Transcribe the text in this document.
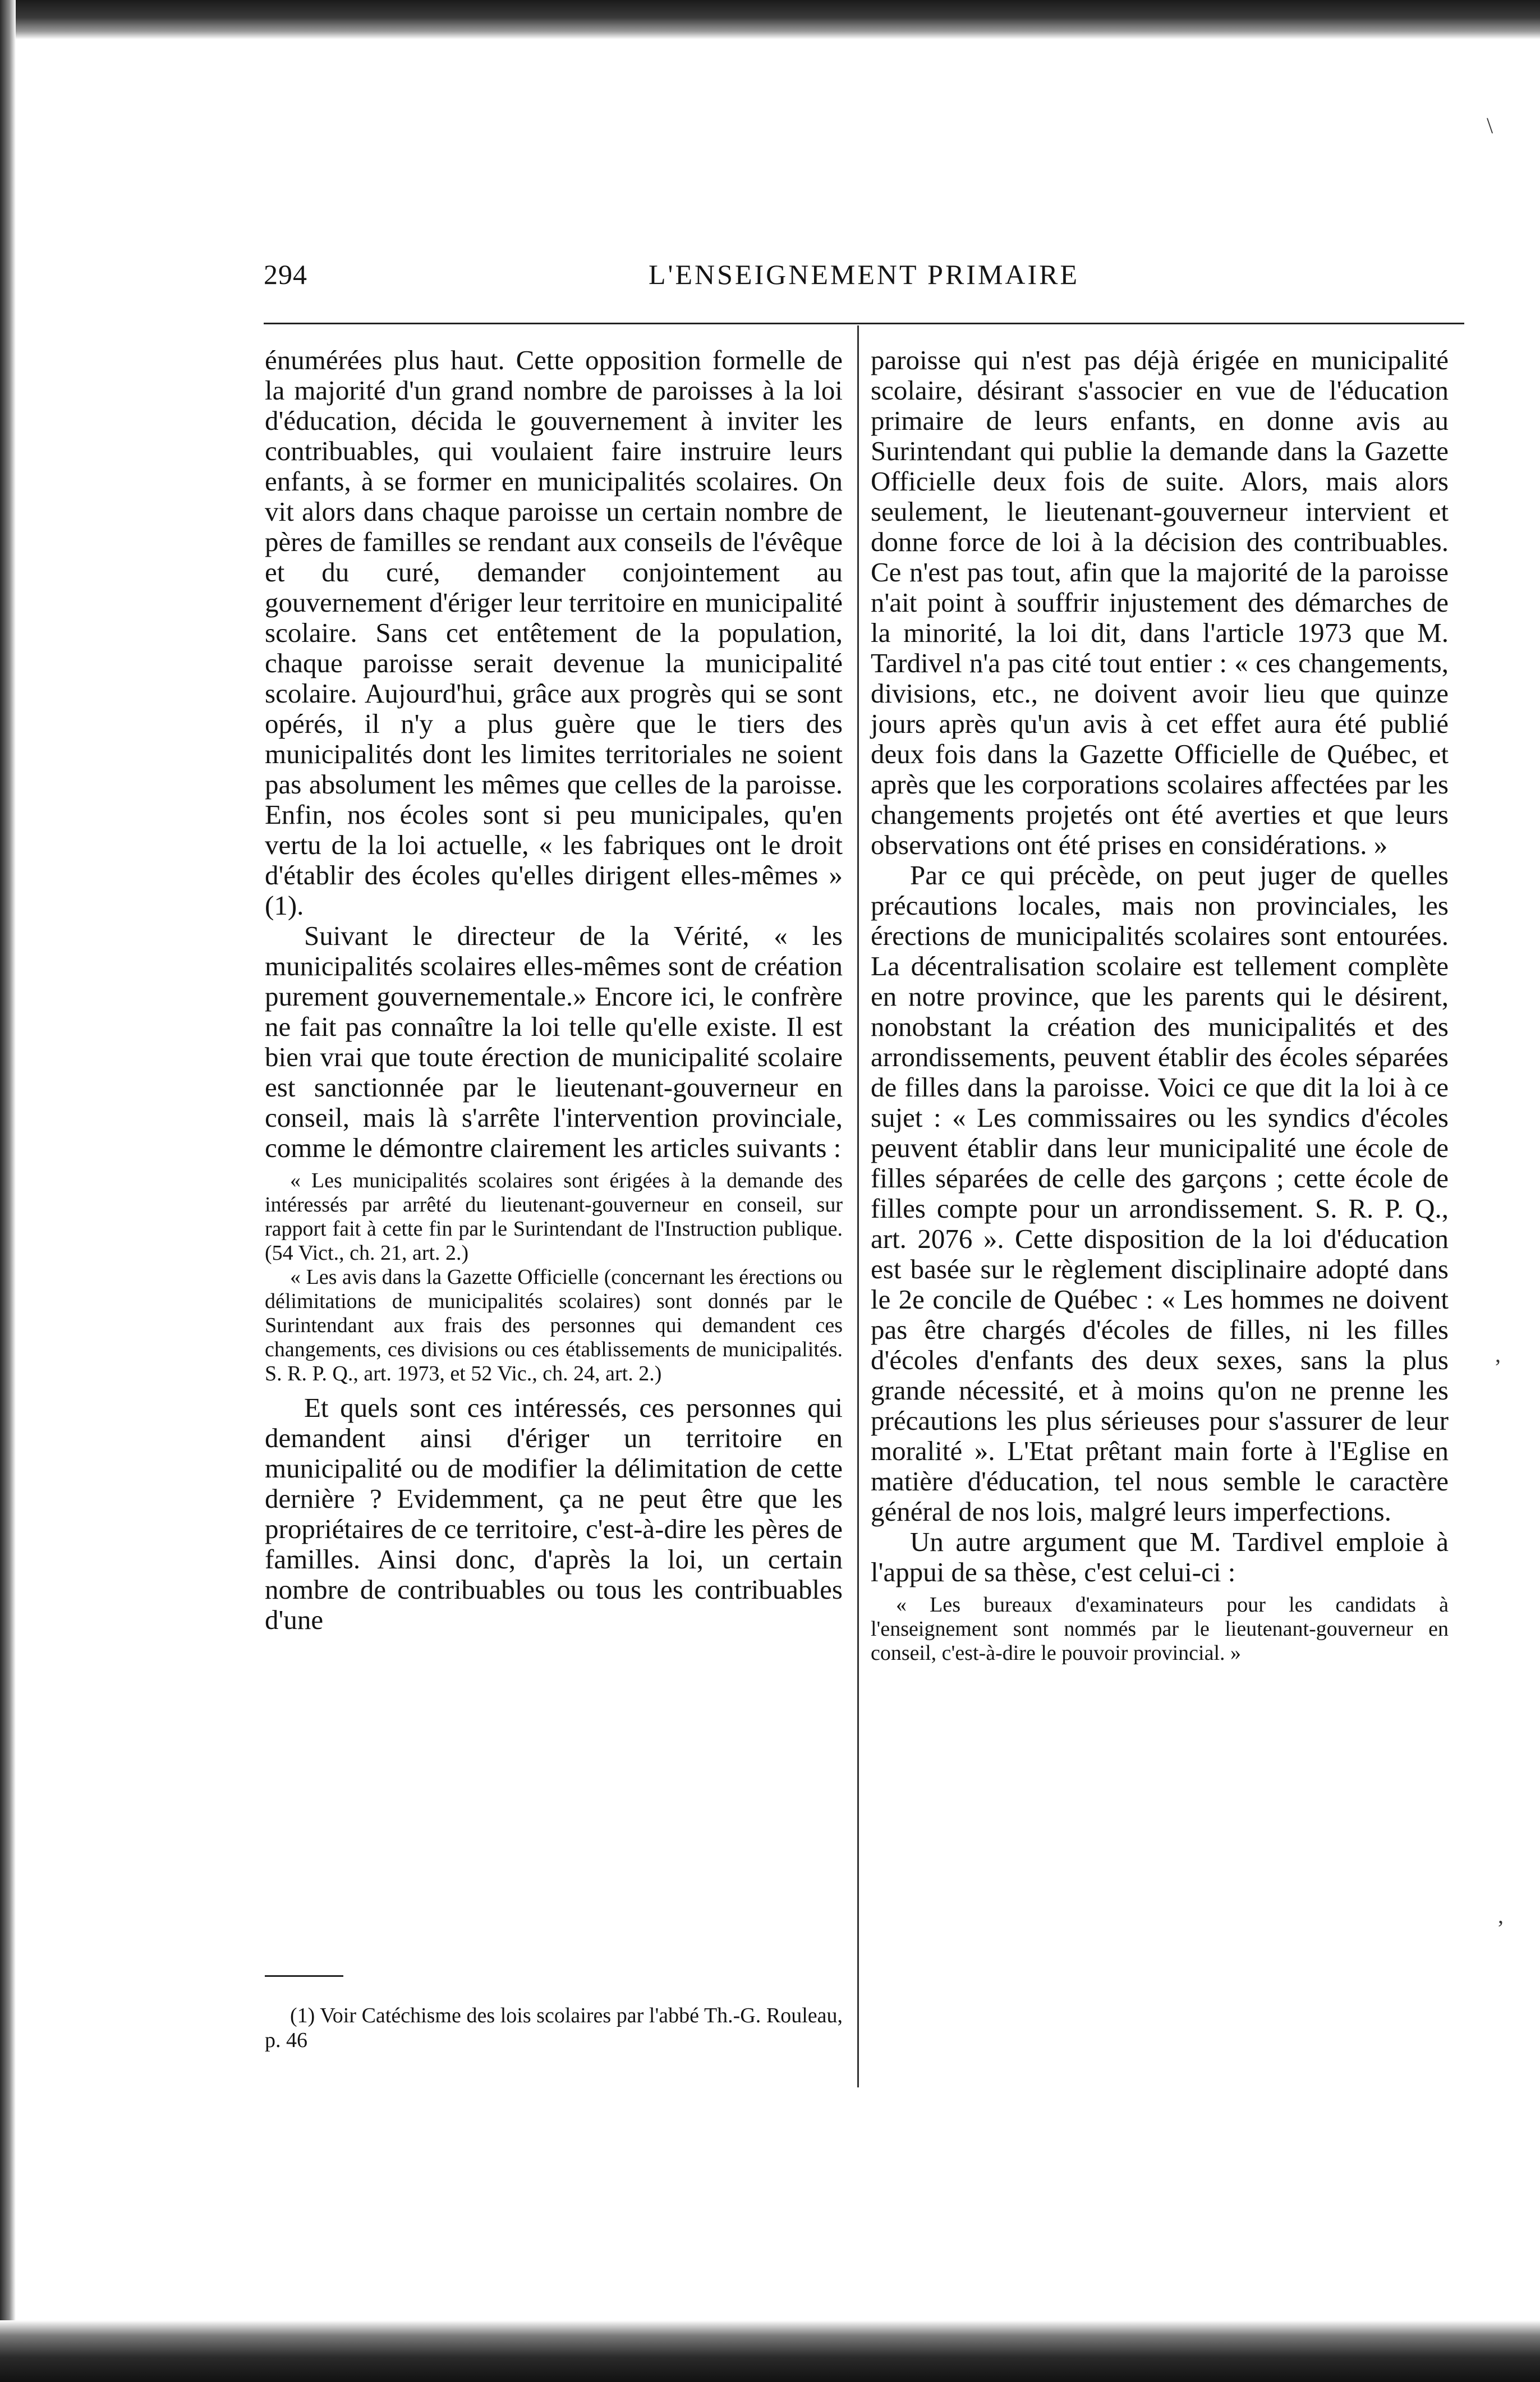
294	L'ENSEIGNEMENT PRIMAIRE

énumérées plus haut. Cette opposition formelle de la majorité d'un grand nombre de paroisses à la loi d'éducation, décida le gouvernement à inviter les contribuables, qui voulaient faire instruire leurs enfants, à se former en municipalités scolaires. On vit alors dans chaque paroisse un certain nombre de pères de familles se rendant aux conseils de l'évêque et du curé, demander conjointement au gouvernement d'ériger leur territoire en municipalité scolaire. Sans cet entêtement de la population, chaque paroisse serait devenue la municipalité scolaire. Aujourd'hui, grâce aux progrès qui se sont opérés, il n'y a plus guère que le tiers des municipalités dont les limites territoriales ne soient pas absolument les mêmes que celles de la paroisse. Enfin, nos écoles sont si peu municipales, qu'en vertu de la loi actuelle, « les fabriques ont le droit d'établir des écoles qu'elles dirigent elles-mêmes » (1).

Suivant le directeur de la Vérité, « les municipalités scolaires elles-mêmes sont de création purement gouvernementale.» Encore ici, le confrère ne fait pas connaître la loi telle qu'elle existe. Il est bien vrai que toute érection de municipalité scolaire est sanctionnée par le lieutenant-gouverneur en conseil, mais là s'arrête l'intervention provinciale, comme le démontre clairement les articles suivants :

« Les municipalités scolaires sont érigées à la demande des intéressés par arrêté du lieutenant-gouverneur en conseil, sur rapport fait à cette fin par le Surintendant de l'Instruction publique. (54 Vict., ch. 21, art. 2.)

« Les avis dans la Gazette Officielle (concernant les érections ou délimitations de municipalités scolaires) sont donnés par le Surintendant aux frais des personnes qui demandent ces changements, ces divisions ou ces établissements de municipalités. S. R. P. Q., art. 1973, et 52 Vic., ch. 24, art. 2.)

Et quels sont ces intéressés, ces personnes qui demandent ainsi d'ériger un territoire en municipalité ou de modifier la délimitation de cette dernière ? Evidemment, ça ne peut être que les propriétaires de ce territoire, c'est-à-dire les pères de familles. Ainsi donc, d'après la loi, un certain nombre de contribuables ou tous les contribuables d'une

paroisse qui n'est pas déjà érigée en municipalité scolaire, désirant s'associer en vue de l'éducation primaire de leurs enfants, en donne avis au Surintendant qui publie la demande dans la Gazette Officielle deux fois de suite. Alors, mais alors seulement, le lieutenant-gouverneur intervient et donne force de loi à la décision des contribuables. Ce n'est pas tout, afin que la majorité de la paroisse n'ait point à souffrir injustement des démarches de la minorité, la loi dit, dans l'article 1973 que M. Tardivel n'a pas cité tout entier : « ces changements, divisions, etc., ne doivent avoir lieu que quinze jours après qu'un avis à cet effet aura été publié deux fois dans la Gazette Officielle de Québec, et après que les corporations scolaires affectées par les changements projetés ont été averties et que leurs observations ont été prises en considérations. »

Par ce qui précède, on peut juger de quelles précautions locales, mais non provinciales, les érections de municipalités scolaires sont entourées. La décentralisation scolaire est tellement complète en notre province, que les parents qui le désirent, nonobstant la création des municipalités et des arrondissements, peuvent établir des écoles séparées de filles dans la paroisse. Voici ce que dit la loi à ce sujet : « Les commissaires ou les syndics d'écoles peuvent établir dans leur municipalité une école de filles séparées de celle des garçons ; cette école de filles compte pour un arrondissement. S. R. P. Q., art. 2076 ». Cette disposition de la loi d'éducation est basée sur le règlement disciplinaire adopté dans le 2e concile de Québec : « Les hommes ne doivent pas être chargés d'écoles de filles, ni les filles d'écoles d'enfants des deux sexes, sans la plus grande nécessité, et à moins qu'on ne prenne les précautions les plus sérieuses pour s'assurer de leur moralité ». L'Etat prêtant main forte à l'Eglise en matière d'éducation, tel nous semble le caractère général de nos lois, malgré leurs imperfections.

Un autre argument que M. Tardivel emploie à l'appui de sa thèse, c'est celui-ci :

« Les bureaux d'examinateurs pour les candidats à l'enseignement sont nommés par le lieutenant-gouverneur en conseil, c'est-à-dire le pouvoir provincial. »

(1) Voir Catéchisme des lois scolaires par l'abbé Th.-G. Rouleau, p. 46
\
,
,
